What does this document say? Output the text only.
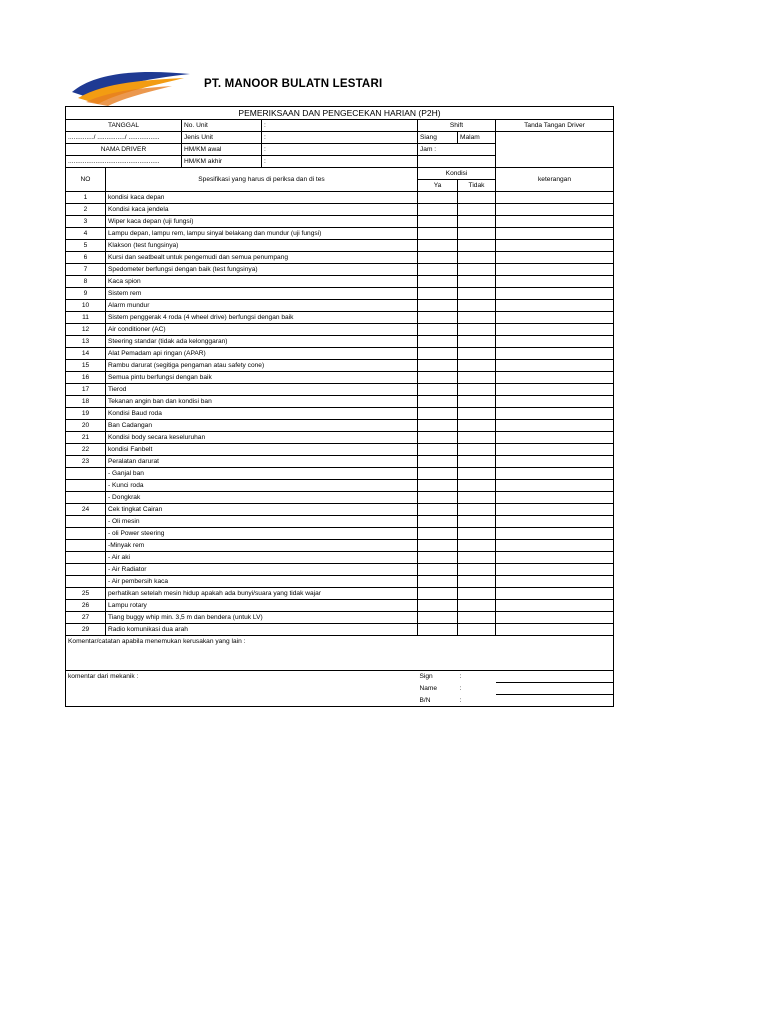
PT. MANOOR BULATN LESTARI
PEMERIKSAAN DAN PENGECEKAN HARIAN (P2H)						
TANGGAL		No. Unit	:	Shift		Tanda Tangan Driver
............../ .............../ .................		Jenis Unit	:	Siang	Malam	
NAMA DRIVER		HM/KM awal	:	Jam :		
..................................................		HM/KM akhir	:			
NO	Spesifikasi yang harus di periksa dan di tes			Kondisi		keterangan
				Ya	Tidak	
1	kondisi kaca depan					
2	Kondisi kaca jendela					
3	Wiper kaca depan (uji fungsi)					
4	Lampu depan, lampu rem, lampu sinyal belakang dan mundur (uji fungsi)					
5	Klakson (test fungsinya)					
6	Kursi dan seatbealt untuk pengemudi dan semua penumpang					
7	Spedometer berfungsi dengan baik (test fungsinya)					
8	Kaca spion					
9	Sistem rem					
10	Alarm mundur					
11	Sistem penggerak 4 roda (4 wheel drive) berfungsi dengan baik					
12	Air conditioner (AC)					
13	Steering standar (tidak ada kelonggaran)					
14	Alat Pemadam api ringan (APAR)					
15	Rambu darurat (segitiga pengaman atau safety cone)					
16	Semua pintu berfungsi dengan baik					
17	Tierod					
18	Tekanan angin ban dan kondisi ban					
19	Kondisi Baud roda					
20	Ban Cadangan					
21	Kondisi body secara keseluruhan					
22	kondisi Fanbelt					
23	Peralatan darurat					
	- Ganjal ban					
	- Kunci roda					
	- Dongkrak					
24	Cek tingkat Cairan					
	- Oli mesin					
	- oli Power steering					
	-Minyak rem					
	- Air aki					
	- Air Radiator					
	- Air pembersih kaca					
25	perhatikan setelah mesin hidup apakah ada bunyi/suara yang tidak wajar					
26	Lampu rotary					
27	Tiang buggy whip min. 3,5 m dan bendera (untuk LV)					
29	Radio komunikasi dua arah					
Komentar/catatan apabila menemukan kerusakan yang lain :						
komentar dari mekanik :				Sign	:	
				Name	:	
				B/N	:	
